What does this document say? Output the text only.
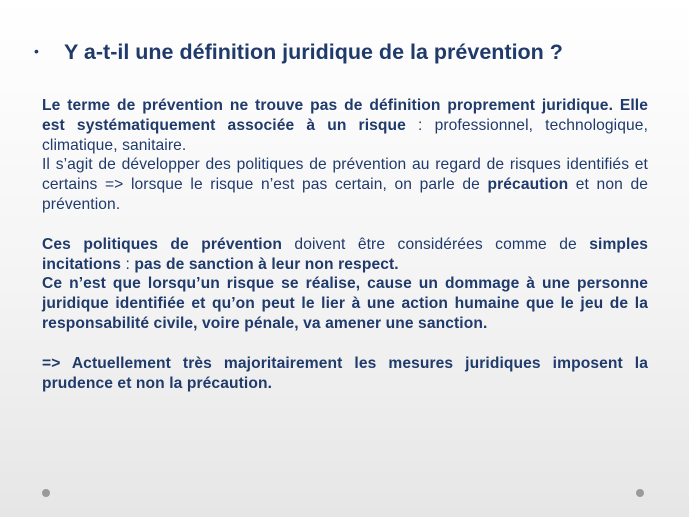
• Y a-t-il une définition juridique de la prévention ?

Le terme de prévention ne trouve pas de définition proprement juridique. Elle est systématiquement associée à un risque : professionnel, technologique, climatique, sanitaire.

Il s’agit de développer des politiques de prévention au regard de risques identifiés et certains => lorsque le risque n’est pas certain, on parle de précaution et non de prévention.

Ces politiques de prévention doivent être considérées comme de simples incitations : pas de sanction à leur non respect.

Ce n’est que lorsqu’un risque se réalise, cause un dommage à une personne juridique identifiée et qu’on peut le lier à une action humaine que le jeu de la responsabilité civile, voire pénale, va amener une sanction.

=> Actuellement très majoritairement les mesures juridiques imposent la prudence et non la précaution.
